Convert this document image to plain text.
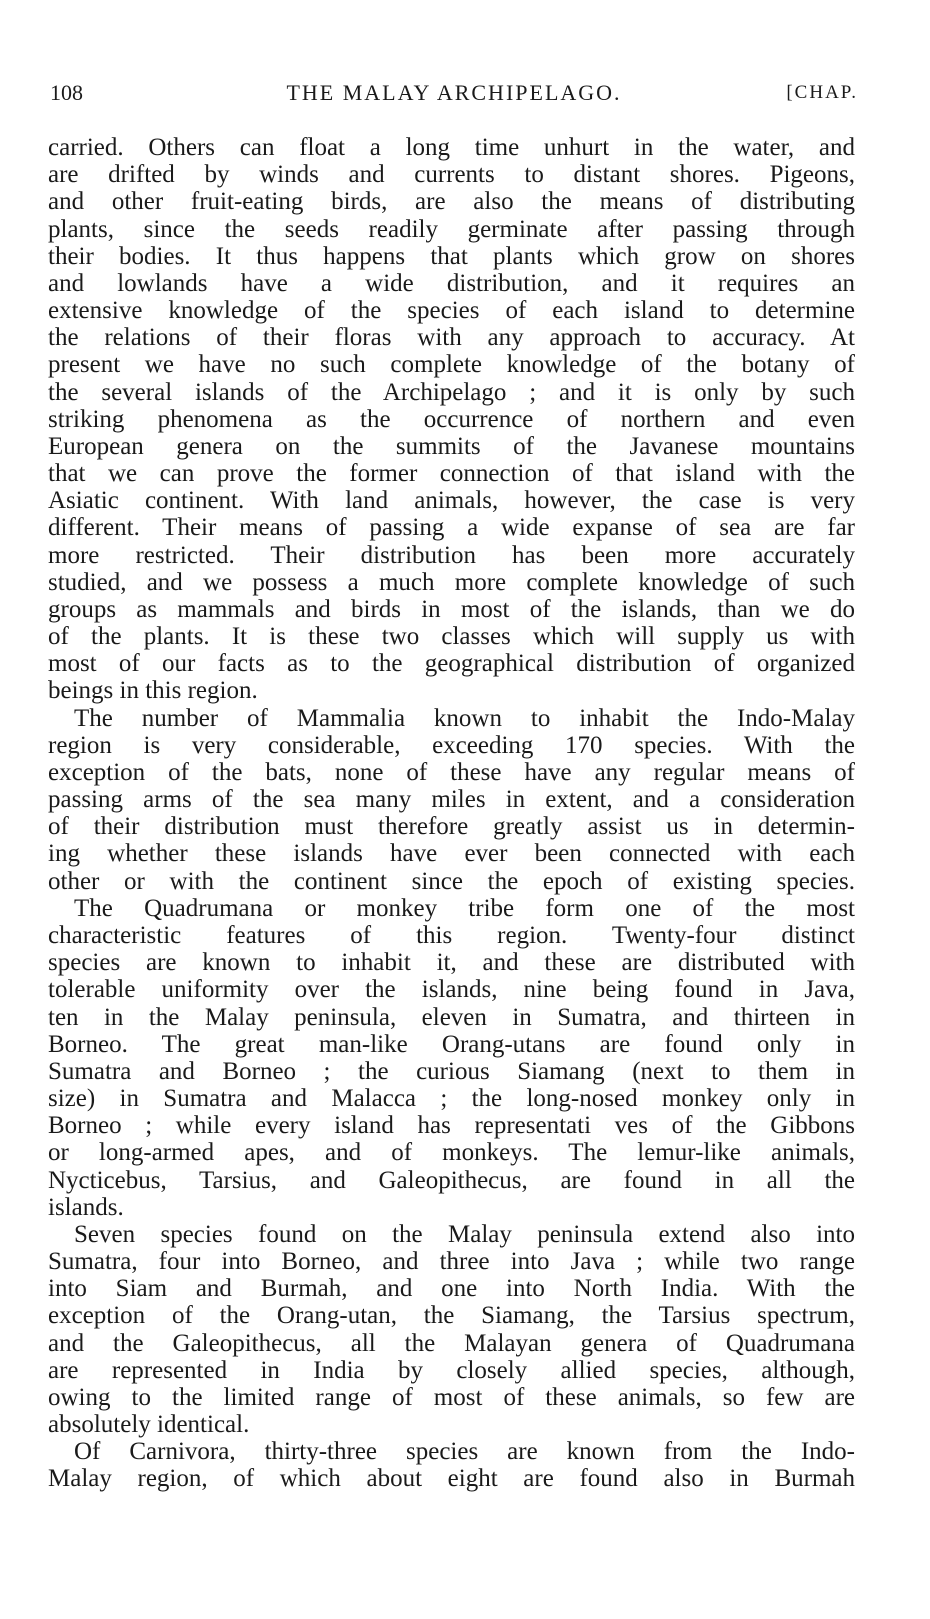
108	THE MALAY ARCHIPELAGO.	[CHAP.
carried. Others can float a long time unhurt in the water, and
are drifted by winds and currents to distant shores. Pigeons,
and other fruit-eating birds, are also the means of distributing
plants, since the seeds readily germinate after passing through
their bodies. It thus happens that plants which grow on shores
and lowlands have a wide distribution, and it requires an
extensive knowledge of the species of each island to determine
the relations of their floras with any approach to accuracy. At
present we have no such complete knowledge of the botany of
the several islands of the Archipelago ; and it is only by such
striking phenomena as the occurrence of northern and even
European genera on the summits of the Javanese mountains
that we can prove the former connection of that island with the
Asiatic continent. With land animals, however, the case is very
different. Their means of passing a wide expanse of sea are far
more restricted. Their distribution has been more accurately
studied, and we possess a much more complete knowledge of such
groups as mammals and birds in most of the islands, than we do
of the plants. It is these two classes which will supply us with
most of our facts as to the geographical distribution of organized
beings in this region.
The number of Mammalia known to inhabit the Indo-Malay
region is very considerable, exceeding 170 species. With the
exception of the bats, none of these have any regular means of
passing arms of the sea many miles in extent, and a consideration
of their distribution must therefore greatly assist us in determin-
ing whether these islands have ever been connected with each
other or with the continent since the epoch of existing species.
The Quadrumana or monkey tribe form one of the most
characteristic features of this region. Twenty-four distinct
species are known to inhabit it, and these are distributed with
tolerable uniformity over the islands, nine being found in Java,
ten in the Malay peninsula, eleven in Sumatra, and thirteen in
Borneo. The great man-like Orang-utans are found only in
Sumatra and Borneo ; the curious Siamang (next to them in
size) in Sumatra and Malacca ; the long-nosed monkey only in
Borneo ; while every island has representati ves of the Gibbons
or long-armed apes, and of monkeys. The lemur-like animals,
Nycticebus, Tarsius, and Galeopithecus, are found in all the
islands.
Seven species found on the Malay peninsula extend also into
Sumatra, four into Borneo, and three into Java ; while two range
into Siam and Burmah, and one into North India. With the
exception of the Orang-utan, the Siamang, the Tarsius spectrum,
and the Galeopithecus, all the Malayan genera of Quadrumana
are represented in India by closely allied species, although,
owing to the limited range of most of these animals, so few are
absolutely identical.
Of Carnivora, thirty-three species are known from the Indo-
Malay region, of which about eight are found also in Burmah
